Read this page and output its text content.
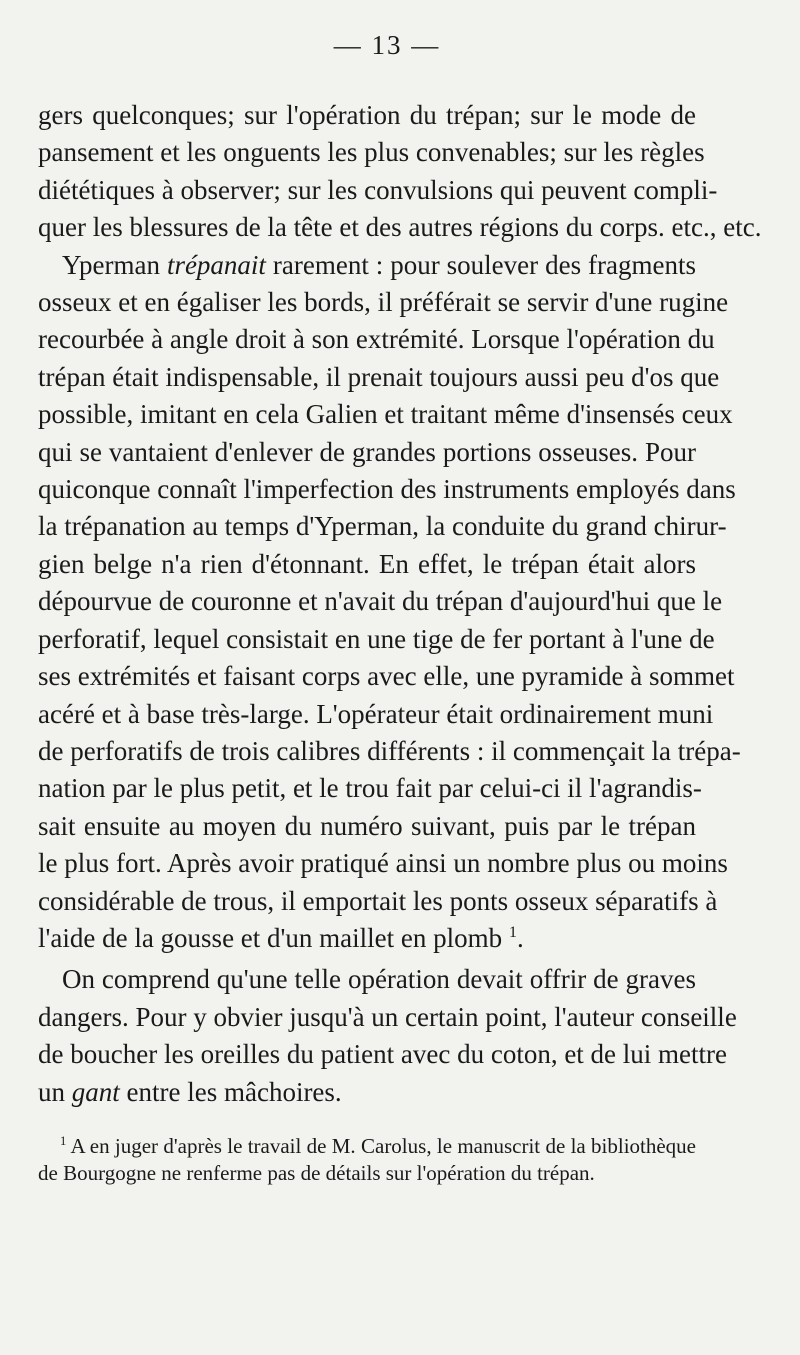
— 13 —

gers quelconques; sur l'opération du trépan; sur le mode de
pansement et les onguents les plus convenables; sur les règles
diététiques à observer; sur les convulsions qui peuvent compli-
quer les blessures de la tête et des autres régions du corps. etc., etc.

Yperman trépanait rarement : pour soulever des fragments
osseux et en égaliser les bords, il préférait se servir d'une rugine
recourbée à angle droit à son extrémité. Lorsque l'opération du
trépan était indispensable, il prenait toujours aussi peu d'os que
possible, imitant en cela Galien et traitant même d'insensés ceux
qui se vantaient d'enlever de grandes portions osseuses. Pour
quiconque connaît l'imperfection des instruments employés dans
la trépanation au temps d'Yperman, la conduite du grand chirur-
gien belge n'a rien d'étonnant. En effet, le trépan était alors
dépourvue de couronne et n'avait du trépan d'aujourd'hui que le
perforatif, lequel consistait en une tige de fer portant à l'une de
ses extrémités et faisant corps avec elle, une pyramide à sommet
acéré et à base très-large. L'opérateur était ordinairement muni
de perforatifs de trois calibres différents : il commençait la trépa-
nation par le plus petit, et le trou fait par celui-ci il l'agrandis-
sait ensuite au moyen du numéro suivant, puis par le trépan
le plus fort. Après avoir pratiqué ainsi un nombre plus ou moins
considérable de trous, il emportait les ponts osseux séparatifs à
l'aide de la gousse et d'un maillet en plomb $^1$.

On comprend qu'une telle opération devait offrir de graves
dangers. Pour y obvier jusqu'à un certain point, l'auteur conseille
de boucher les oreilles du patient avec du coton, et de lui mettre
un gant entre les mâchoires.

$^1$ A en juger d'après le travail de M. Carolus, le manuscrit de la bibliothèque
de Bourgogne ne renferme pas de détails sur l'opération du trépan.
